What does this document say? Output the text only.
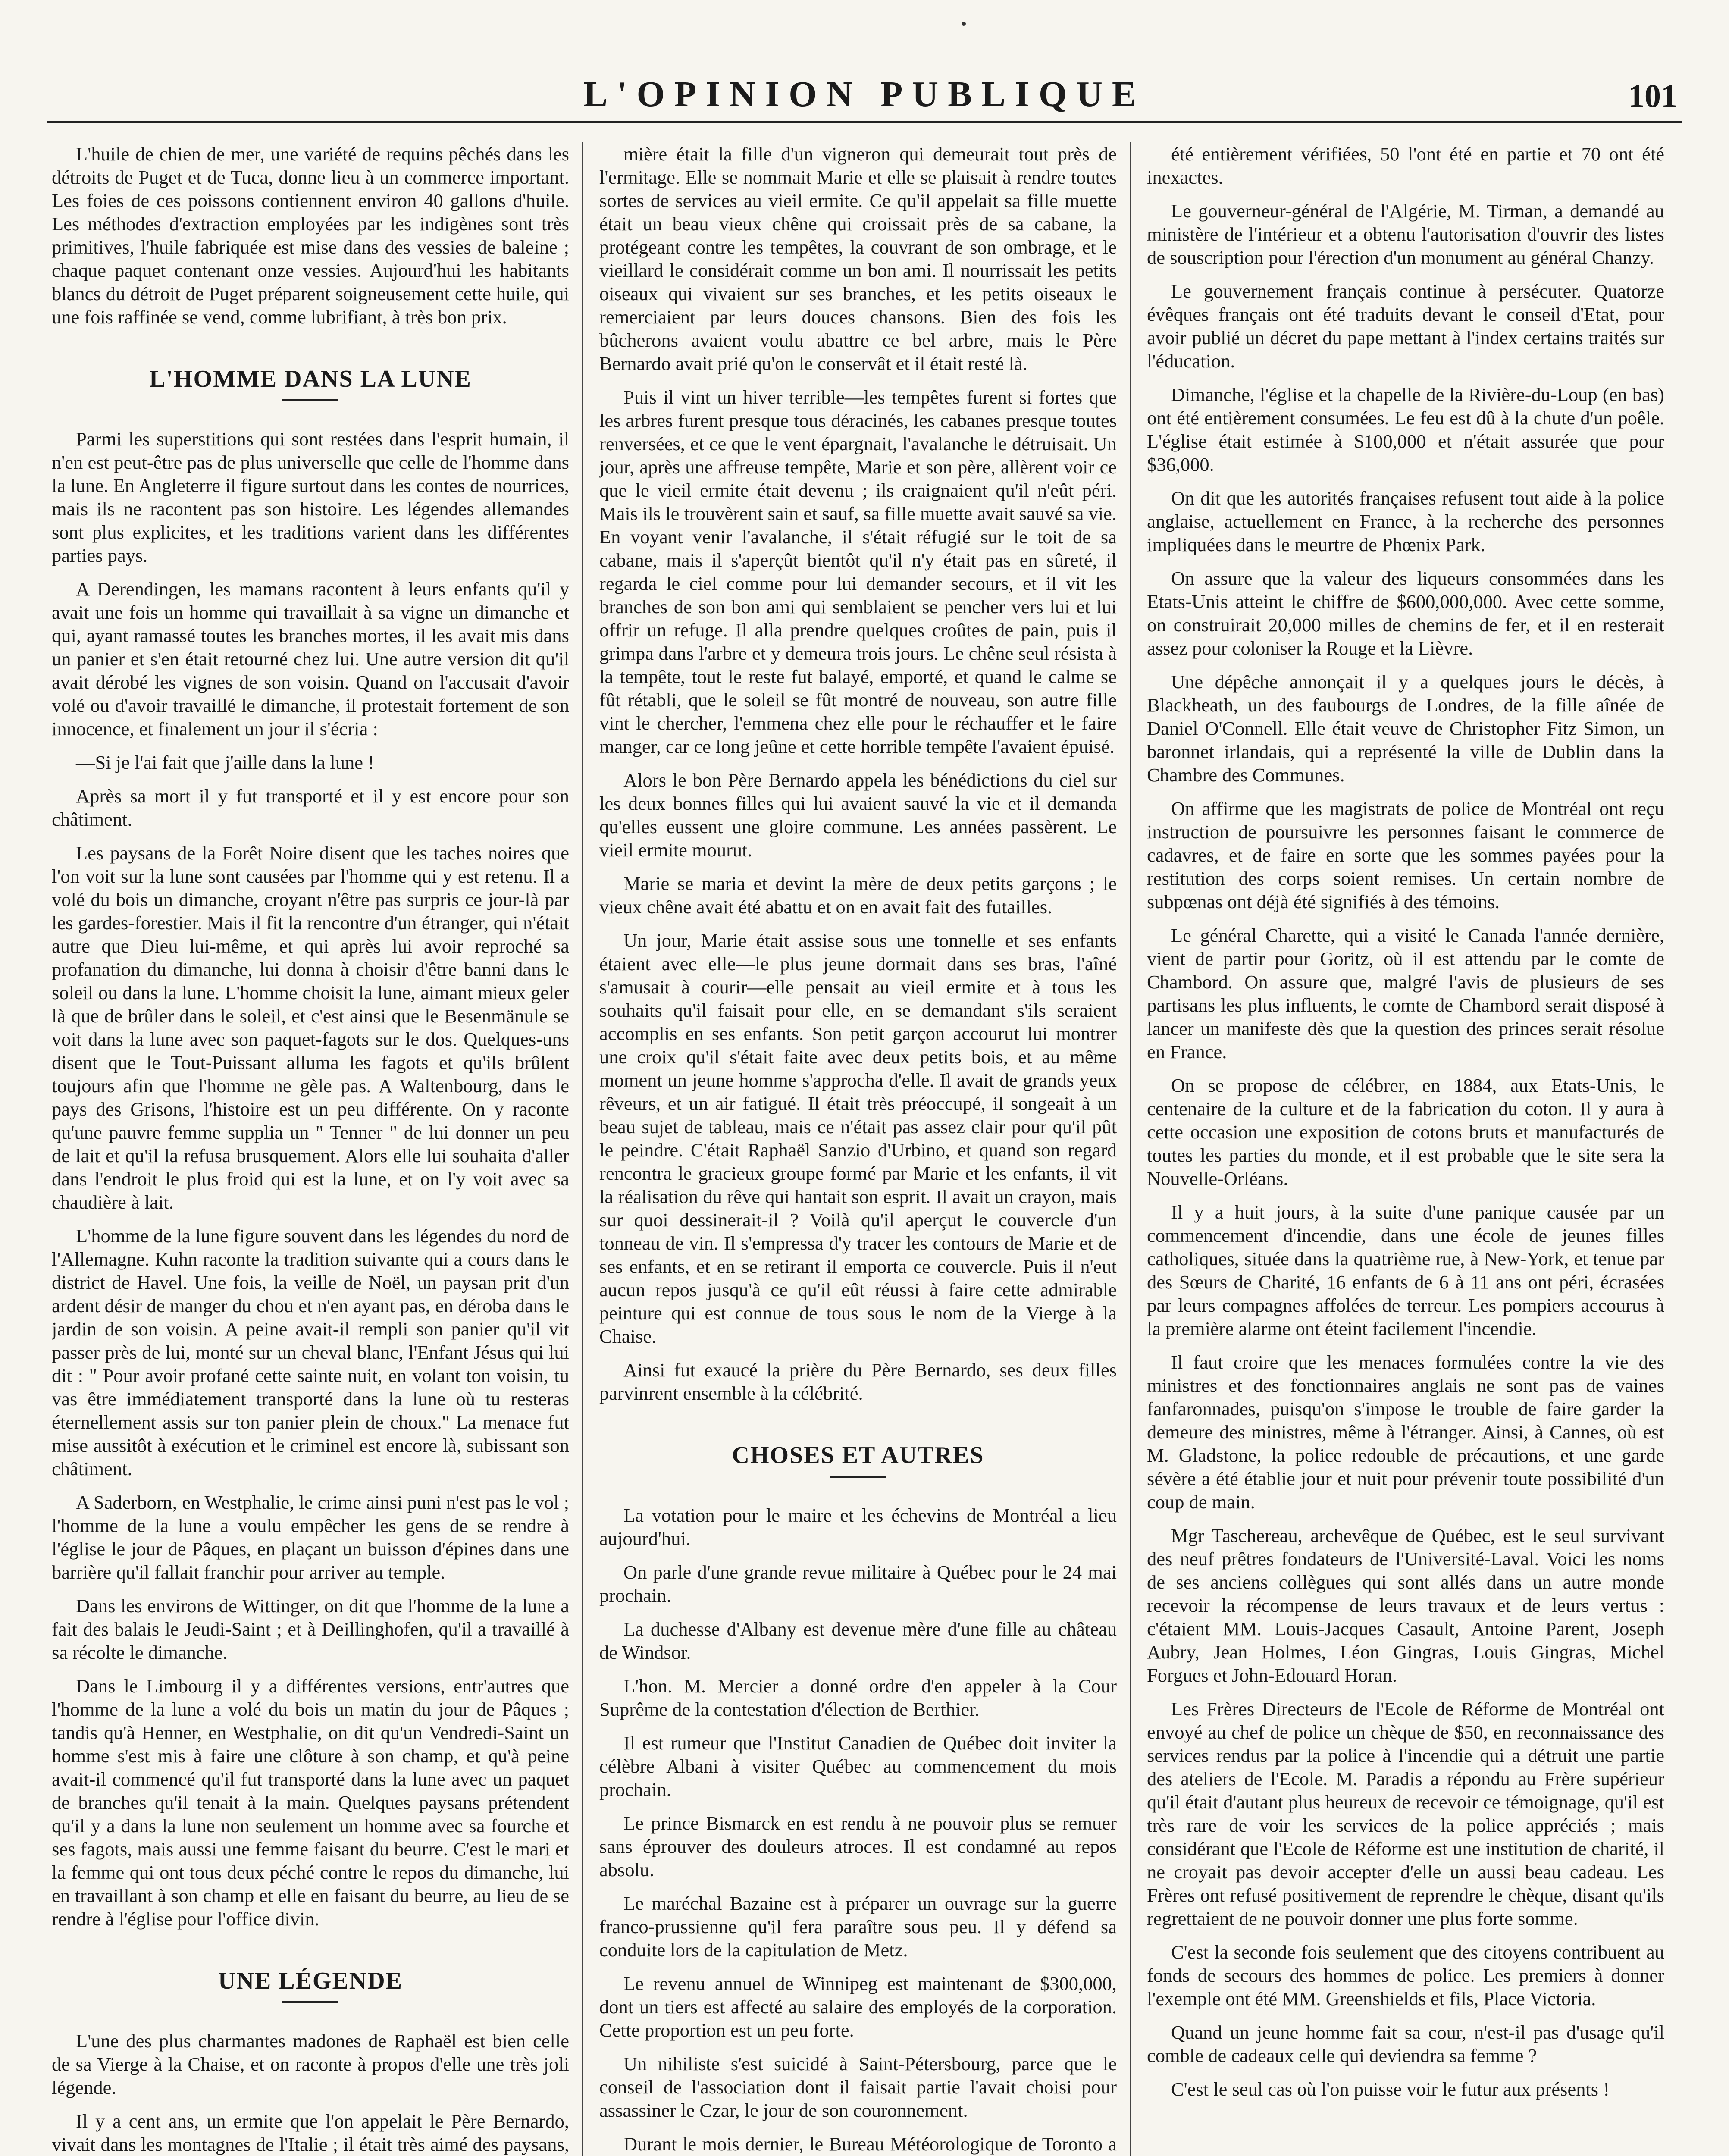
L'OPINION PUBLIQUE	101

L'huile de chien de mer, une variété de requins pêchés dans les détroits de Puget et de Tuca, donne lieu à un commerce important. Les foies de ces poissons contiennent environ 40 gallons d'huile. Les méthodes d'extraction employées par les indigènes sont très primitives, l'huile fabriquée est mise dans des vessies de baleine ; chaque paquet contenant onze vessies. Aujourd'hui les habitants blancs du détroit de Puget préparent soigneusement cette huile, qui une fois raffinée se vend, comme lubrifiant, à très bon prix.

L'HOMME DANS LA LUNE

Parmi les superstitions qui sont restées dans l'esprit humain, il n'en est peut-être pas de plus universelle que celle de l'homme dans la lune. En Angleterre il figure surtout dans les contes de nourrices, mais ils ne racontent pas son histoire. Les légendes allemandes sont plus explicites, et les traditions varient dans les différentes parties pays.

A Derendingen, les mamans racontent à leurs enfants qu'il y avait une fois un homme qui travaillait à sa vigne un dimanche et qui, ayant ramassé toutes les branches mortes, il les avait mis dans un panier et s'en était retourné chez lui. Une autre version dit qu'il avait dérobé les vignes de son voisin. Quand on l'accusait d'avoir volé ou d'avoir travaillé le dimanche, il protestait fortement de son innocence, et finalement un jour il s'écria :

—Si je l'ai fait que j'aille dans la lune !

Après sa mort il y fut transporté et il y est encore pour son châtiment.

Les paysans de la Forêt Noire disent que les taches noires que l'on voit sur la lune sont causées par l'homme qui y est retenu. Il a volé du bois un dimanche, croyant n'être pas surpris ce jour-là par les gardes-forestier. Mais il fit la rencontre d'un étranger, qui n'était autre que Dieu lui-même, et qui après lui avoir reproché sa profanation du dimanche, lui donna à choisir d'être banni dans le soleil ou dans la lune. L'homme choisit la lune, aimant mieux geler là que de brûler dans le soleil, et c'est ainsi que le Besenmänule se voit dans la lune avec son paquet-fagots sur le dos. Quelques-uns disent que le Tout-Puissant alluma les fagots et qu'ils brûlent toujours afin que l'homme ne gèle pas. A Waltenbourg, dans le pays des Grisons, l'histoire est un peu différente. On y raconte qu'une pauvre femme supplia un " Tenner " de lui donner un peu de lait et qu'il la refusa brusquement. Alors elle lui souhaita d'aller dans l'endroit le plus froid qui est la lune, et on l'y voit avec sa chaudière à lait.

L'homme de la lune figure souvent dans les légendes du nord de l'Allemagne. Kuhn raconte la tradition suivante qui a cours dans le district de Havel. Une fois, la veille de Noël, un paysan prit d'un ardent désir de manger du chou et n'en ayant pas, en déroba dans le jardin de son voisin. A peine avait-il rempli son panier qu'il vit passer près de lui, monté sur un cheval blanc, l'Enfant Jésus qui lui dit : " Pour avoir profané cette sainte nuit, en volant ton voisin, tu vas être immédiatement transporté dans la lune où tu resteras éternellement assis sur ton panier plein de choux." La menace fut mise aussitôt à exécution et le criminel est encore là, subissant son châtiment.

A Saderborn, en Westphalie, le crime ainsi puni n'est pas le vol ; l'homme de la lune a voulu empêcher les gens de se rendre à l'église le jour de Pâques, en plaçant un buisson d'épines dans une barrière qu'il fallait franchir pour arriver au temple.

Dans les environs de Wittinger, on dit que l'homme de la lune a fait des balais le Jeudi-Saint ; et à Deillinghofen, qu'il a travaillé à sa récolte le dimanche.

Dans le Limbourg il y a différentes versions, entr'autres que l'homme de la lune a volé du bois un matin du jour de Pâques ; tandis qu'à Henner, en Westphalie, on dit qu'un Vendredi-Saint un homme s'est mis à faire une clôture à son champ, et qu'à peine avait-il commencé qu'il fut transporté dans la lune avec un paquet de branches qu'il tenait à la main. Quelques paysans prétendent qu'il y a dans la lune non seulement un homme avec sa fourche et ses fagots, mais aussi une femme faisant du beurre. C'est le mari et la femme qui ont tous deux péché contre le repos du dimanche, lui en travaillant à son champ et elle en faisant du beurre, au lieu de se rendre à l'église pour l'office divin.

UNE LÉGENDE

L'une des plus charmantes madones de Raphaël est bien celle de sa Vierge à la Chaise, et on raconte à propos d'elle une très joli légende.

Il y a cent ans, un ermite que l'on appelait le Père Bernardo, vivait dans les montagnes de l'Italie ; il était très aimé des paysans,

mière était la fille d'un vigneron qui demeurait tout près de l'ermitage. Elle se nommait Marie et elle se plaisait à rendre toutes sortes de services au vieil ermite. Ce qu'il appelait sa fille muette était un beau vieux chêne qui croissait près de sa cabane, la protégeant contre les tempêtes, la couvrant de son ombrage, et le vieillard le considérait comme un bon ami. Il nourrissait les petits oiseaux qui vivaient sur ses branches, et les petits oiseaux le remerciaient par leurs douces chansons. Bien des fois les bûcherons avaient voulu abattre ce bel arbre, mais le Père Bernardo avait prié qu'on le conservât et il était resté là.

Puis il vint un hiver terrible—les tempêtes furent si fortes que les arbres furent presque tous déracinés, les cabanes presque toutes renversées, et ce que le vent épargnait, l'avalanche le détruisait. Un jour, après une affreuse tempête, Marie et son père, allèrent voir ce que le vieil ermite était devenu ; ils craignaient qu'il n'eût péri. Mais ils le trouvèrent sain et sauf, sa fille muette avait sauvé sa vie. En voyant venir l'avalanche, il s'était réfugié sur le toit de sa cabane, mais il s'aperçût bientôt qu'il n'y était pas en sûreté, il regarda le ciel comme pour lui demander secours, et il vit les branches de son bon ami qui semblaient se pencher vers lui et lui offrir un refuge. Il alla prendre quelques croûtes de pain, puis il grimpa dans l'arbre et y demeura trois jours. Le chêne seul résista à la tempête, tout le reste fut balayé, emporté, et quand le calme se fût rétabli, que le soleil se fût montré de nouveau, son autre fille vint le chercher, l'emmena chez elle pour le réchauffer et le faire manger, car ce long jeûne et cette horrible tempête l'avaient épuisé.

Alors le bon Père Bernardo appela les bénédictions du ciel sur les deux bonnes filles qui lui avaient sauvé la vie et il demanda qu'elles eussent une gloire commune. Les années passèrent. Le vieil ermite mourut.

Marie se maria et devint la mère de deux petits garçons ; le vieux chêne avait été abattu et on en avait fait des futailles.

Un jour, Marie était assise sous une tonnelle et ses enfants étaient avec elle—le plus jeune dormait dans ses bras, l'aîné s'amusait à courir—elle pensait au vieil ermite et à tous les souhaits qu'il faisait pour elle, en se demandant s'ils seraient accomplis en ses enfants. Son petit garçon accourut lui montrer une croix qu'il s'était faite avec deux petits bois, et au même moment un jeune homme s'approcha d'elle. Il avait de grands yeux rêveurs, et un air fatigué. Il était très préoccupé, il songeait à un beau sujet de tableau, mais ce n'était pas assez clair pour qu'il pût le peindre. C'était Raphaël Sanzio d'Urbino, et quand son regard rencontra le gracieux groupe formé par Marie et les enfants, il vit la réalisation du rêve qui hantait son esprit. Il avait un crayon, mais sur quoi dessinerait-il ? Voilà qu'il aperçut le couvercle d'un tonneau de vin. Il s'empressa d'y tracer les contours de Marie et de ses enfants, et en se retirant il emporta ce couvercle. Puis il n'eut aucun repos jusqu'à ce qu'il eût réussi à faire cette admirable peinture qui est connue de tous sous le nom de la Vierge à la Chaise.

Ainsi fut exaucé la prière du Père Bernardo, ses deux filles parvinrent ensemble à la célébrité.

CHOSES ET AUTRES

La votation pour le maire et les échevins de Montréal a lieu aujourd'hui.

On parle d'une grande revue militaire à Québec pour le 24 mai prochain.

La duchesse d'Albany est devenue mère d'une fille au château de Windsor.

L'hon. M. Mercier a donné ordre d'en appeler à la Cour Suprême de la contestation d'élection de Berthier.

Il est rumeur que l'Institut Canadien de Québec doit inviter la célèbre Albani à visiter Québec au commencement du mois prochain.

Le prince Bismarck en est rendu à ne pouvoir plus se remuer sans éprouver des douleurs atroces. Il est condamné au repos absolu.

Le maréchal Bazaine est à préparer un ouvrage sur la guerre franco-prussienne qu'il fera paraître sous peu. Il y défend sa conduite lors de la capitulation de Metz.

Le revenu annuel de Winnipeg est maintenant de $300,000, dont un tiers est affecté au salaire des employés de la corporation. Cette proportion est un peu forte.

Un nihiliste s'est suicidé à Saint-Pétersbourg, parce que le conseil de l'association dont il faisait partie l'avait choisi pour assassiner le Czar, le jour de son couronnement.

Durant le mois dernier, le Bureau Météorologique de Toronto a

été entièrement vérifiées, 50 l'ont été en partie et 70 ont été inexactes.

Le gouverneur-général de l'Algérie, M. Tirman, a demandé au ministère de l'intérieur et a obtenu l'autorisation d'ouvrir des listes de souscription pour l'érection d'un monument au général Chanzy.

Le gouvernement français continue à persécuter. Quatorze évêques français ont été traduits devant le conseil d'Etat, pour avoir publié un décret du pape mettant à l'index certains traités sur l'éducation.

Dimanche, l'église et la chapelle de la Rivière-du-Loup (en bas) ont été entièrement consumées. Le feu est dû à la chute d'un poêle. L'église était estimée à $100,000 et n'était assurée que pour $36,000.

On dit que les autorités françaises refusent tout aide à la police anglaise, actuellement en France, à la recherche des personnes impliquées dans le meurtre de Phœnix Park.

On assure que la valeur des liqueurs consommées dans les Etats-Unis atteint le chiffre de $600,000,000. Avec cette somme, on construirait 20,000 milles de chemins de fer, et il en resterait assez pour coloniser la Rouge et la Lièvre.

Une dépêche annonçait il y a quelques jours le décès, à Blackheath, un des faubourgs de Londres, de la fille aînée de Daniel O'Connell. Elle était veuve de Christopher Fitz Simon, un baronnet irlandais, qui a représenté la ville de Dublin dans la Chambre des Communes.

On affirme que les magistrats de police de Montréal ont reçu instruction de poursuivre les personnes faisant le commerce de cadavres, et de faire en sorte que les sommes payées pour la restitution des corps soient remises. Un certain nombre de subpœnas ont déjà été signifiés à des témoins.

Le général Charette, qui a visité le Canada l'année dernière, vient de partir pour Goritz, où il est attendu par le comte de Chambord. On assure que, malgré l'avis de plusieurs de ses partisans les plus influents, le comte de Chambord serait disposé à lancer un manifeste dès que la question des princes serait résolue en France.

On se propose de célébrer, en 1884, aux Etats-Unis, le centenaire de la culture et de la fabrication du coton. Il y aura à cette occasion une exposition de cotons bruts et manufacturés de toutes les parties du monde, et il est probable que le site sera la Nouvelle-Orléans.

Il y a huit jours, à la suite d'une panique causée par un commencement d'incendie, dans une école de jeunes filles catholiques, située dans la quatrième rue, à New-York, et tenue par des Sœurs de Charité, 16 enfants de 6 à 11 ans ont péri, écrasées par leurs compagnes affolées de terreur. Les pompiers accourus à la première alarme ont éteint facilement l'incendie.

Il faut croire que les menaces formulées contre la vie des ministres et des fonctionnaires anglais ne sont pas de vaines fanfaronnades, puisqu'on s'impose le trouble de faire garder la demeure des ministres, même à l'étranger. Ainsi, à Cannes, où est M. Gladstone, la police redouble de précautions, et une garde sévère a été établie jour et nuit pour prévenir toute possibilité d'un coup de main.

Mgr Taschereau, archevêque de Québec, est le seul survivant des neuf prêtres fondateurs de l'Université-Laval. Voici les noms de ses anciens collègues qui sont allés dans un autre monde recevoir la récompense de leurs travaux et de leurs vertus : c'étaient MM. Louis-Jacques Casault, Antoine Parent, Joseph Aubry, Jean Holmes, Léon Gingras, Louis Gingras, Michel Forgues et John-Edouard Horan.

Les Frères Directeurs de l'Ecole de Réforme de Montréal ont envoyé au chef de police un chèque de $50, en reconnaissance des services rendus par la police à l'incendie qui a détruit une partie des ateliers de l'Ecole. M. Paradis a répondu au Frère supérieur qu'il était d'autant plus heureux de recevoir ce témoignage, qu'il est très rare de voir les services de la police appréciés ; mais considérant que l'Ecole de Réforme est une institution de charité, il ne croyait pas devoir accepter d'elle un aussi beau cadeau. Les Frères ont refusé positivement de reprendre le chèque, disant qu'ils regrettaient de ne pouvoir donner une plus forte somme.

C'est la seconde fois seulement que des citoyens contribuent au fonds de secours des hommes de police. Les premiers à donner l'exemple ont été MM. Greenshields et fils, Place Victoria.

Quand un jeune homme fait sa cour, n'est-il pas d'usage qu'il comble de cadeaux celle qui deviendra sa femme ?

C'est le seul cas où l'on puisse voir le futur aux présents !
